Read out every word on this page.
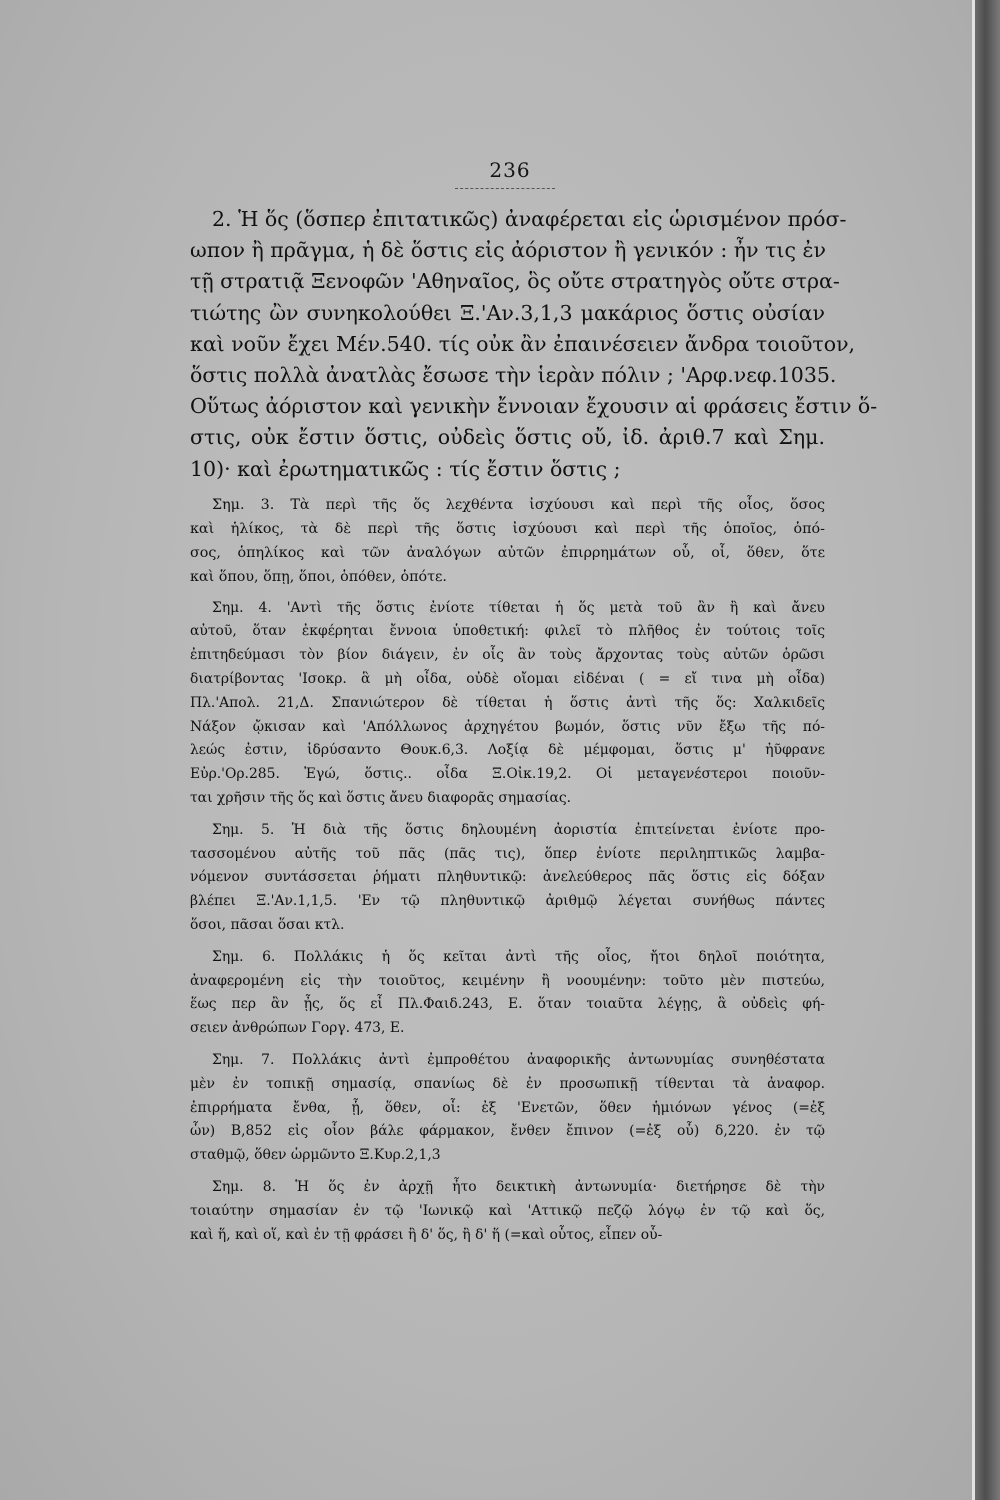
236
2. Ἡ ὅς (ὅσπερ ἐπιτατικῶς) ἀναφέρεται εἰς ὡρισμένον πρόσ-
ωπον ἢ πρᾶγμα, ἡ δὲ ὅστις εἰς ἀόριστον ἢ γενικόν : ἦν τις ἐν
τῇ στρατιᾷ Ξενοφῶν 'Αθηναῖος, ὃς οὔτε στρατηγὸς οὔτε στρα-
τιώτης ὢν συνηκολούθει Ξ.'Αν.3,1,3 μακάριος ὅστις οὐσίαν
καὶ νοῦν ἔχει Μέν.540. τίς οὐκ ἂν ἐπαινέσειεν ἄνδρα τοιοῦτον,
ὅστις πολλὰ ἀνατλὰς ἔσωσε τὴν ἱερὰν πόλιν ; 'Αρφ.νεφ.1035.
Οὕτως ἀόριστον καὶ γενικὴν ἔννοιαν ἔχουσιν αἱ φράσεις ἔστιν ὅ-
στις, οὐκ ἔστιν ὅστις, οὐδεὶς ὅστις οὔ, ἰδ. ἀριθ.7 καὶ Σημ.
10)· καὶ ἐρωτηματικῶς : τίς ἔστιν ὅστις ;
Σημ. 3. Τὰ περὶ τῆς ὅς λεχθέντα ἰσχύουσι καὶ περὶ τῆς οἷος, ὅσος
καὶ ἡλίκος, τὰ δὲ περὶ τῆς ὅστις ἰσχύουσι καὶ περὶ τῆς ὁποῖος, ὁπό-
σος, ὁπηλίκος καὶ τῶν ἀναλόγων αὐτῶν ἐπιρρημάτων οὗ, οἷ, ὅθεν, ὅτε
καὶ ὅπου, ὅπῃ, ὅποι, ὁπόθεν, ὁπότε.
Σημ. 4. 'Αντὶ τῆς ὅστις ἐνίοτε τίθεται ἡ ὅς μετὰ τοῦ ἂν ἢ καὶ ἄνευ
αὐτοῦ, ὅταν ἐκφέρηται ἔννοια ὑποθετική: φιλεῖ τὸ πλῆθος ἐν τούτοις τοῖς
ἐπιτηδεύμασι τὸν βίον διάγειν, ἐν οἷς ἂν τοὺς ἄρχοντας τοὺς αὐτῶν ὁρῶσι
διατρίβοντας 'Ισοκρ. ἃ μὴ οἶδα, οὐδὲ οἴομαι εἰδέναι ( = εἴ τινα μὴ οἶδα)
Πλ.'Απολ. 21,Δ. Σπανιώτερον δὲ τίθεται ἡ ὅστις ἀντὶ τῆς ὅς: Χαλκιδεῖς
Νάξον ᾤκισαν καὶ 'Απόλλωνος ἀρχηγέτου βωμόν, ὅστις νῦν ἔξω τῆς πό-
λεώς ἐστιν, ἱδρύσαντο Θουκ.6,3. Λοξίᾳ δὲ μέμφομαι, ὅστις μ' ἠῦφρανε
Εὐρ.'Ορ.285. Ἐγώ, ὅστις.. οἶδα Ξ.Οἰκ.19,2. Οἱ μεταγενέστεροι ποιοῦν-
ται χρῆσιν τῆς ὅς καὶ ὅστις ἄνευ διαφορᾶς σημασίας.
Σημ. 5. Ἡ διὰ τῆς ὅστις δηλουμένη ἀοριστία ἐπιτείνεται ἐνίοτε προ-
τασσομένου αὐτῆς τοῦ πᾶς (πᾶς τις), ὅπερ ἐνίοτε περιληπτικῶς λαμβα-
νόμενον συντάσσεται ῥήματι πληθυντικῷ: ἀνελεύθερος πᾶς ὅστις εἰς δόξαν
βλέπει Ξ.'Αν.1,1,5. 'Εν τῷ πληθυντικῷ ἀριθμῷ λέγεται συνήθως πάντες
ὅσοι, πᾶσαι ὅσαι κτλ.
Σημ. 6. Πολλάκις ἡ ὅς κεῖται ἀντὶ τῆς οἷος, ἤτοι δηλοῖ ποιότητα,
ἀναφερομένη εἰς τὴν τοιοῦτος, κειμένην ἢ νοουμένην: τοῦτο μὲν πιστεύω,
ἕως περ ἂν ᾖς, ὅς εἶ Πλ.Φαιδ.243, Ε. ὅταν τοιαῦτα λέγῃς, ἃ οὐδεὶς φή-
σειεν ἀνθρώπων Γοργ. 473, Ε.
Σημ. 7. Πολλάκις ἀντὶ ἐμπροθέτου ἀναφορικῆς ἀντωνυμίας συνηθέστατα
μὲν ἐν τοπικῇ σημασίᾳ, σπανίως δὲ ἐν προσωπικῇ τίθενται τὰ ἀναφορ.
ἐπιρρήματα ἔνθα, ᾗ, ὅθεν, οἷ: ἐξ 'Ενετῶν, ὅθεν ἡμιόνων γένος (=ἐξ
ὧν) Β,852 εἰς οἷον βάλε φάρμακον, ἔνθεν ἔπινον (=ἐξ οὗ) δ,220. ἐν τῷ
σταθμῷ, ὅθεν ὡρμῶντο Ξ.Κυρ.2,1,3
Σημ. 8. Ἡ ὅς ἐν ἀρχῇ ἦτο δεικτικὴ ἀντωνυμία· διετήρησε δὲ τὴν
τοιαύτην σημασίαν ἐν τῷ 'Ιωνικῷ καὶ 'Αττικῷ πεζῷ λόγῳ ἐν τῷ καὶ ὅς,
καὶ ἥ, καὶ οἵ, καὶ ἐν τῇ φράσει ἢ δ' ὅς, ἢ δ' ἥ (=καὶ οὗτος, εἶπεν οὗ-
